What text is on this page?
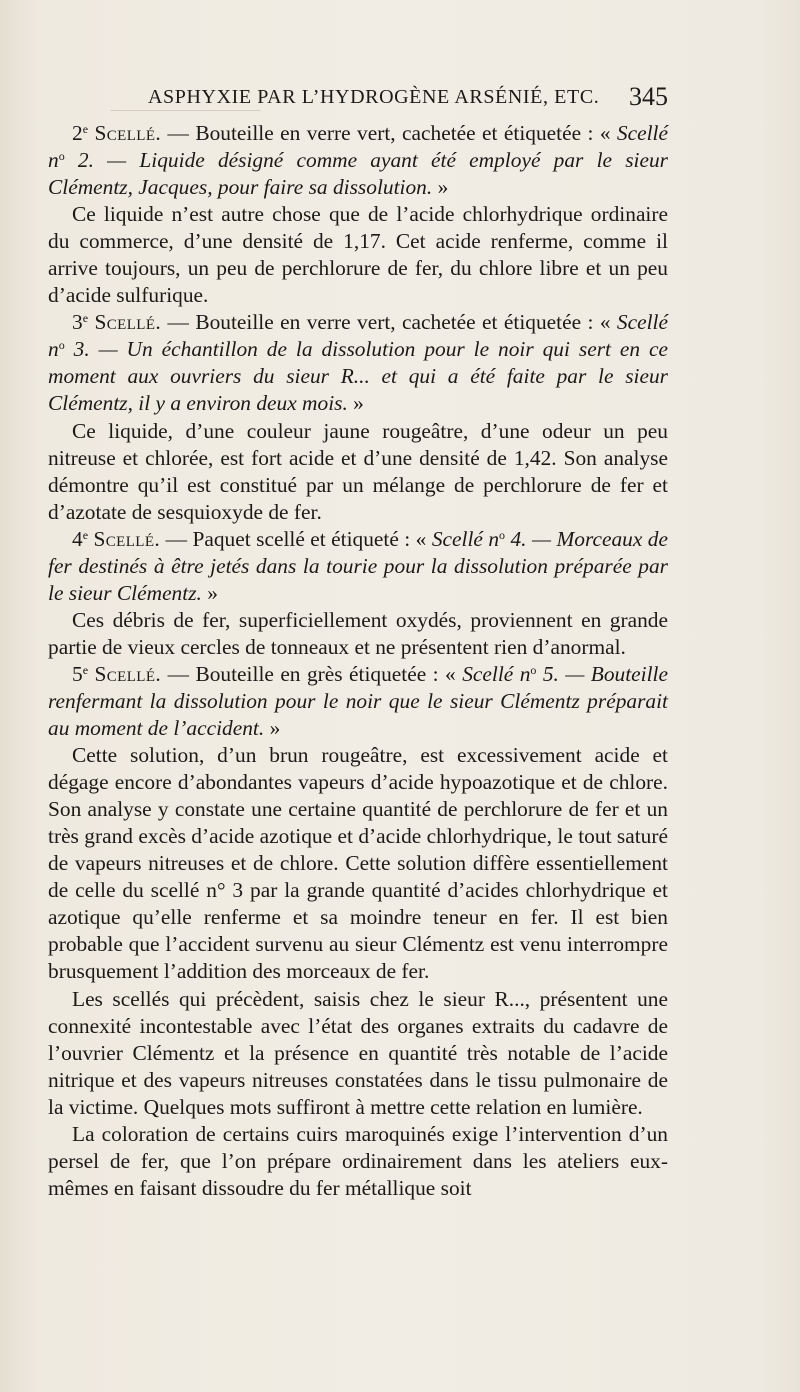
ASPHYXIE PAR L’HYDROGÈNE ARSÉNIÉ, ETC. 345

2e Scellé. — Bouteille en verre vert, cachetée et étiquetée : « Scellé $n^o$ 2. — Liquide désigné comme ayant été employé par le sieur Clémentz, Jacques, pour faire sa dissolution. »

Ce liquide n’est autre chose que de l’acide chlorhydrique ordinaire du commerce, d’une densité de 1,17. Cet acide renferme, comme il arrive toujours, un peu de perchlorure de fer, du chlore libre et un peu d’acide sulfurique.

3e Scellé. — Bouteille en verre vert, cachetée et étiquetée : « Scellé $n^o$ 3. — Un échantillon de la dissolution pour le noir qui sert en ce moment aux ouvriers du sieur R... et qui a été faite par le sieur Clémentz, il y a environ deux mois. »

Ce liquide, d’une couleur jaune rougeâtre, d’une odeur un peu nitreuse et chlorée, est fort acide et d’une densité de 1,42. Son analyse démontre qu’il est constitué par un mélange de perchlorure de fer et d’azotate de sesquioxyde de fer.

4e Scellé. — Paquet scellé et étiqueté : « Scellé $n^o$ 4. — Morceaux de fer destinés à être jetés dans la tourie pour la dissolution préparée par le sieur Clémentz. »

Ces débris de fer, superficiellement oxydés, proviennent en grande partie de vieux cercles de tonneaux et ne présentent rien d’anormal.

5e Scellé. — Bouteille en grès étiquetée : « Scellé $n^o$ 5. — Bouteille renfermant la dissolution pour le noir que le sieur Clémentz préparait au moment de l’accident. »

Cette solution, d’un brun rougeâtre, est excessivement acide et dégage encore d’abondantes vapeurs d’acide hypoazotique et de chlore. Son analyse y constate une certaine quantité de perchlorure de fer et un très grand excès d’acide azotique et d’acide chlorhydrique, le tout saturé de vapeurs nitreuses et de chlore. Cette solution diffère essentiellement de celle du scellé n° 3 par la grande quantité d’acides chlorhydrique et azotique qu’elle renferme et sa moindre teneur en fer. Il est bien probable que l’accident survenu au sieur Clémentz est venu interrompre brusquement l’addition des morceaux de fer.

Les scellés qui précèdent, saisis chez le sieur R..., présentent une connexité incontestable avec l’état des organes extraits du cadavre de l’ouvrier Clémentz et la présence en quantité très notable de l’acide nitrique et des vapeurs nitreuses constatées dans le tissu pulmonaire de la victime. Quelques mots suffiront à mettre cette relation en lumière.

La coloration de certains cuirs maroquinés exige l’intervention d’un persel de fer, que l’on prépare ordinairement dans les ateliers eux-mêmes en faisant dissoudre du fer métallique soit
